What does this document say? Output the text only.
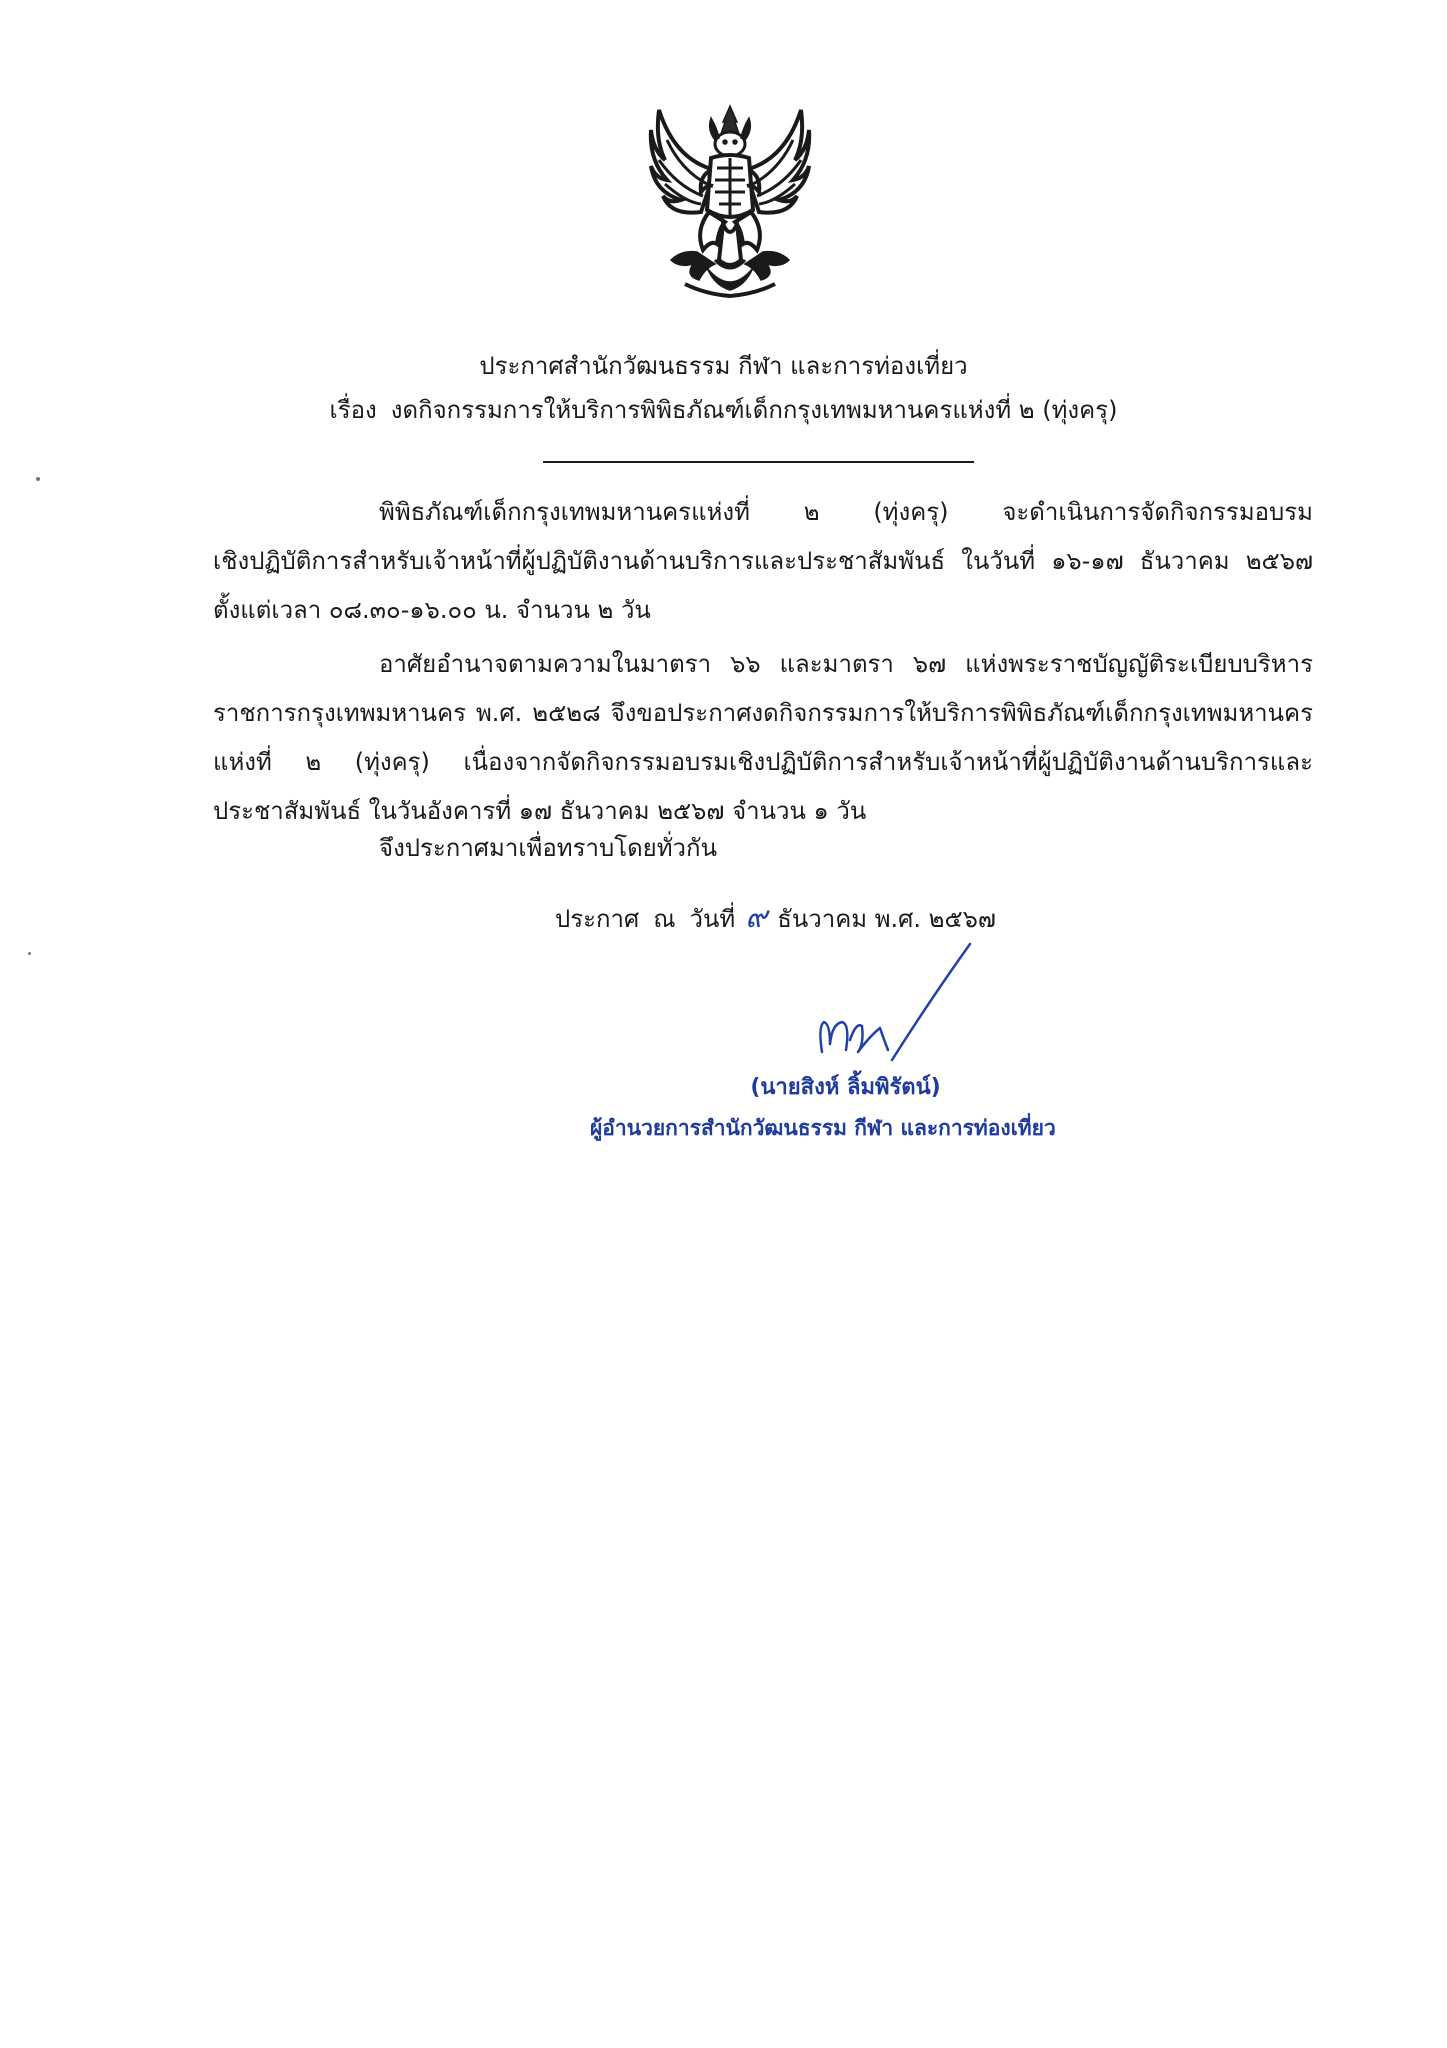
ประกาศสำนักวัฒนธรรม กีฬา และการท่องเที่ยว
เรื่อง งดกิจกรรมการให้บริการพิพิธภัณฑ์เด็กกรุงเทพมหานครแห่งที่ ๒ (ทุ่งครุ)
พิพิธภัณฑ์เด็กกรุงเทพมหานครแห่งที่ ๒ (ทุ่งครุ) จะดำเนินการจัดกิจกรรมอบรม
เชิงปฏิบัติการสำหรับเจ้าหน้าที่ผู้ปฏิบัติงานด้านบริการและประชาสัมพันธ์ ในวันที่ ๑๖-๑๗ ธันวาคม ๒๕๖๗
ตั้งแต่เวลา ๐๘.๓๐-๑๖.๐๐ น. จำนวน ๒ วัน
อาศัยอำนาจตามความในมาตรา ๖๖ และมาตรา ๖๗ แห่งพระราชบัญญัติระเบียบบริหาร
ราชการกรุงเทพมหานคร พ.ศ. ๒๕๒๘ จึงขอประกาศงดกิจกรรมการให้บริการพิพิธภัณฑ์เด็กกรุงเทพมหานคร
แห่งที่ ๒ (ทุ่งครุ) เนื่องจากจัดกิจกรรมอบรมเชิงปฏิบัติการสำหรับเจ้าหน้าที่ผู้ปฏิบัติงานด้านบริการและ
ประชาสัมพันธ์ ในวันอังคารที่ ๑๗ ธันวาคม ๒๕๖๗ จำนวน ๑ วัน
จึงประกาศมาเพื่อทราบโดยทั่วกัน
ประกาศ ณ วันที่ ๙ ธันวาคม พ.ศ. ๒๕๖๗
(นายสิงห์ ลิ้มพิรัตน์)
ผู้อำนวยการสำนักวัฒนธรรม กีฬา และการท่องเที่ยว
